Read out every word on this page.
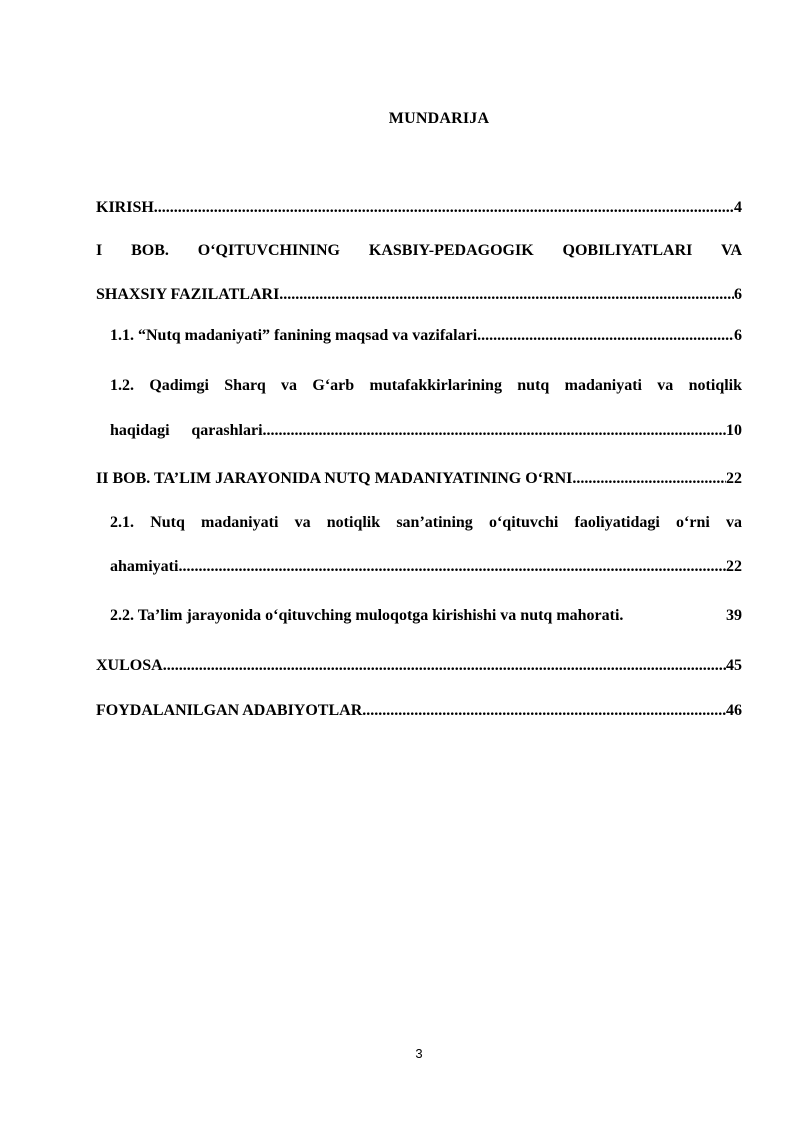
MUNDARIJA
KIRISH .....	4
I BOB. O‘QITUVCHINING KASBIY-PEDAGOGIK QOBILIYATLARI VA
SHAXSIY FAZILATLARI .....	6
1.1. “Nutq madaniyati” fanining maqsad va vazifalari .....	6
1.2. Qadimgi Sharq va G‘arb mutafakkirlarining nutq madaniyati va notiqlik
haqidagi qarashlari .....	10
II BOB. TA’LIM JARAYONIDA NUTQ MADANIYATINING O‘RNI .....	22
2.1. Nutq madaniyati va notiqlik san’atining o‘qituvchi faoliyatidagi o‘rni va
ahamiyati .....	22
2.2. Ta’lim jarayonida o‘qituvching muloqotga kirishishi va nutq mahorati.	39
XULOSA .....	45
FOYDALANILGAN ADABIYOTLAR .....	46
3
